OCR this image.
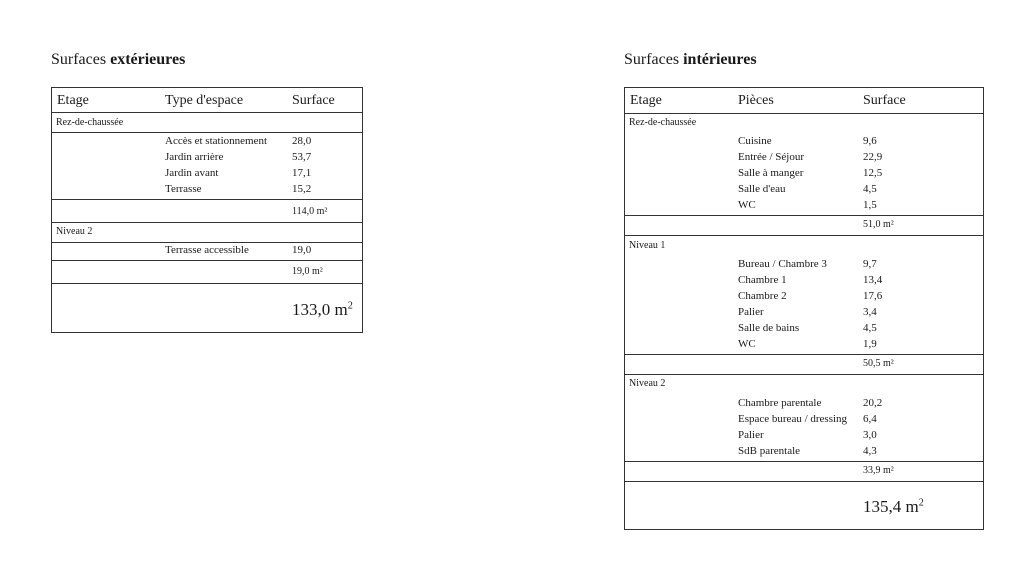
Surfaces extérieures
Etage	Type d'espace	Surface
Rez-de-chaussée
Accès et stationnement 28,0
Jardin arrière	53,7
Jardin avant	17,1
Terrasse	15,2
114,0 m²
Niveau 2
Terrasse accessible	19,0
19,0 m²
133,0 $m^2$
Surfaces intérieures
Etage	Pièces	Surface
Rez-de-chaussée
Cuisine	9,6
Entrée / Séjour	22,9
Salle à manger	12,5
Salle d'eau	4,5
WC	1,5
51,0 m²
Niveau 1
Bureau / Chambre 3	9,7
Chambre 1	13,4
Chambre 2	17,6
Palier	3,4
Salle de bains	4,5
WC	1,9
50,5 m²
Niveau 2
Chambre parentale	20,2
Espace bureau / dressing 6,4
Palier	3,0
SdB parentale	4,3
33,9 m²
135,4 $m^2$
